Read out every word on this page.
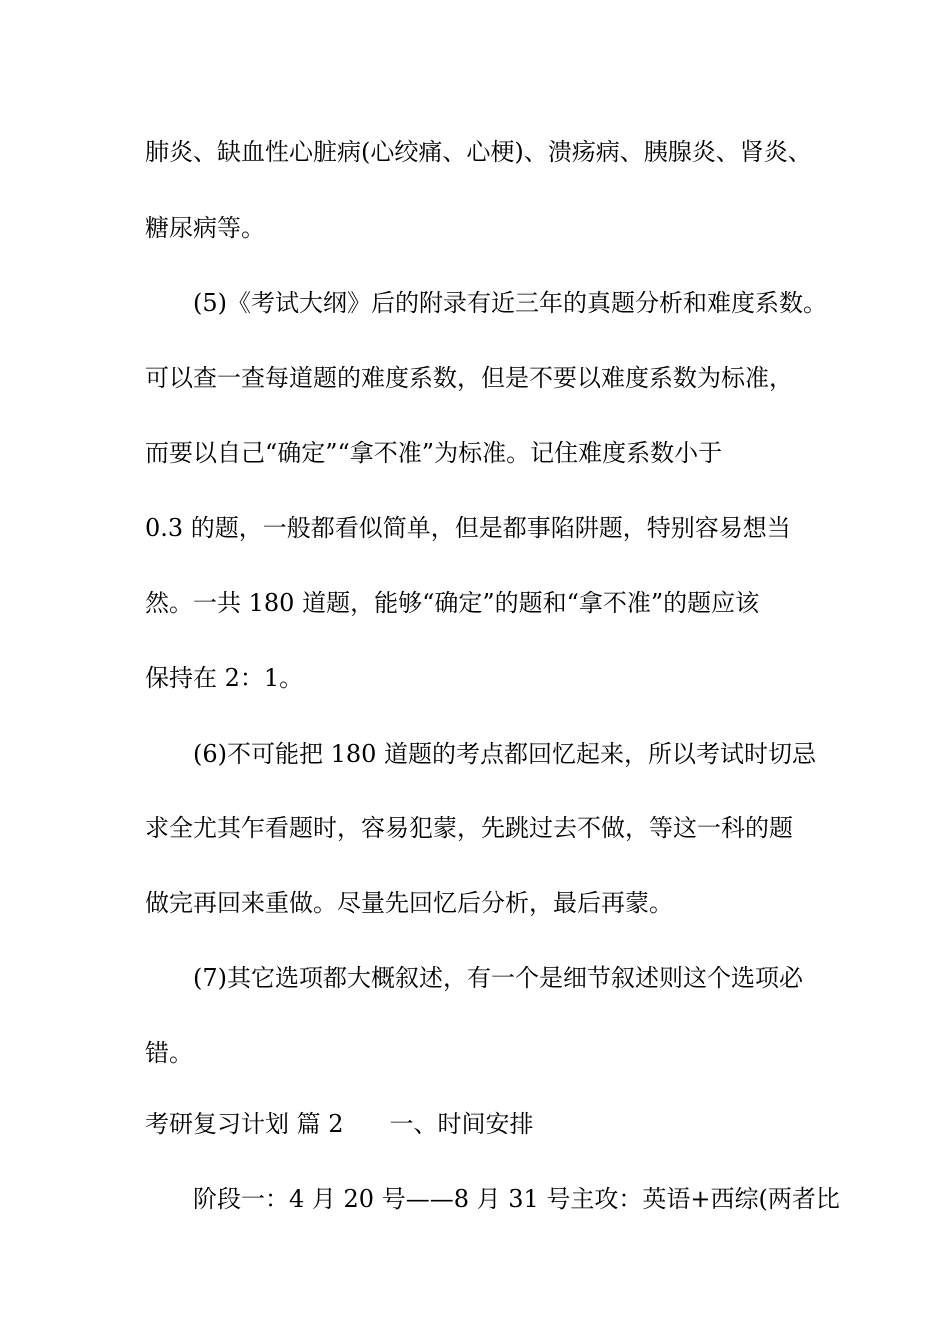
肺炎、缺血性心脏病(心绞痛、心梗)、溃疡病、胰腺炎、肾炎、
糖尿病等。
(5)《考试大纲》后的附录有近三年的真题分析和难度系数。
可以查一查每道题的难度系数，但是不要以难度系数为标准，
而要以自己“确定”“拿不准”为标准。记住难度系数小于
0.3 的题，一般都看似简单，但是都事陷阱题，特别容易想当
然。一共 180 道题，能够“确定”的题和“拿不准”的题应该
保持在 2：1。
(6)不可能把 180 道题的考点都回忆起来，所以考试时切忌
求全尤其乍看题时，容易犯蒙，先跳过去不做，等这一科的题
做完再回来重做。尽量先回忆后分析，最后再蒙。
(7)其它选项都大概叙述，有一个是细节叙述则这个选项必
错。
考研复习计划 篇 2 一、时间安排
阶段一：4 月 20 号——8 月 31 号主攻：英语+西综(两者比
